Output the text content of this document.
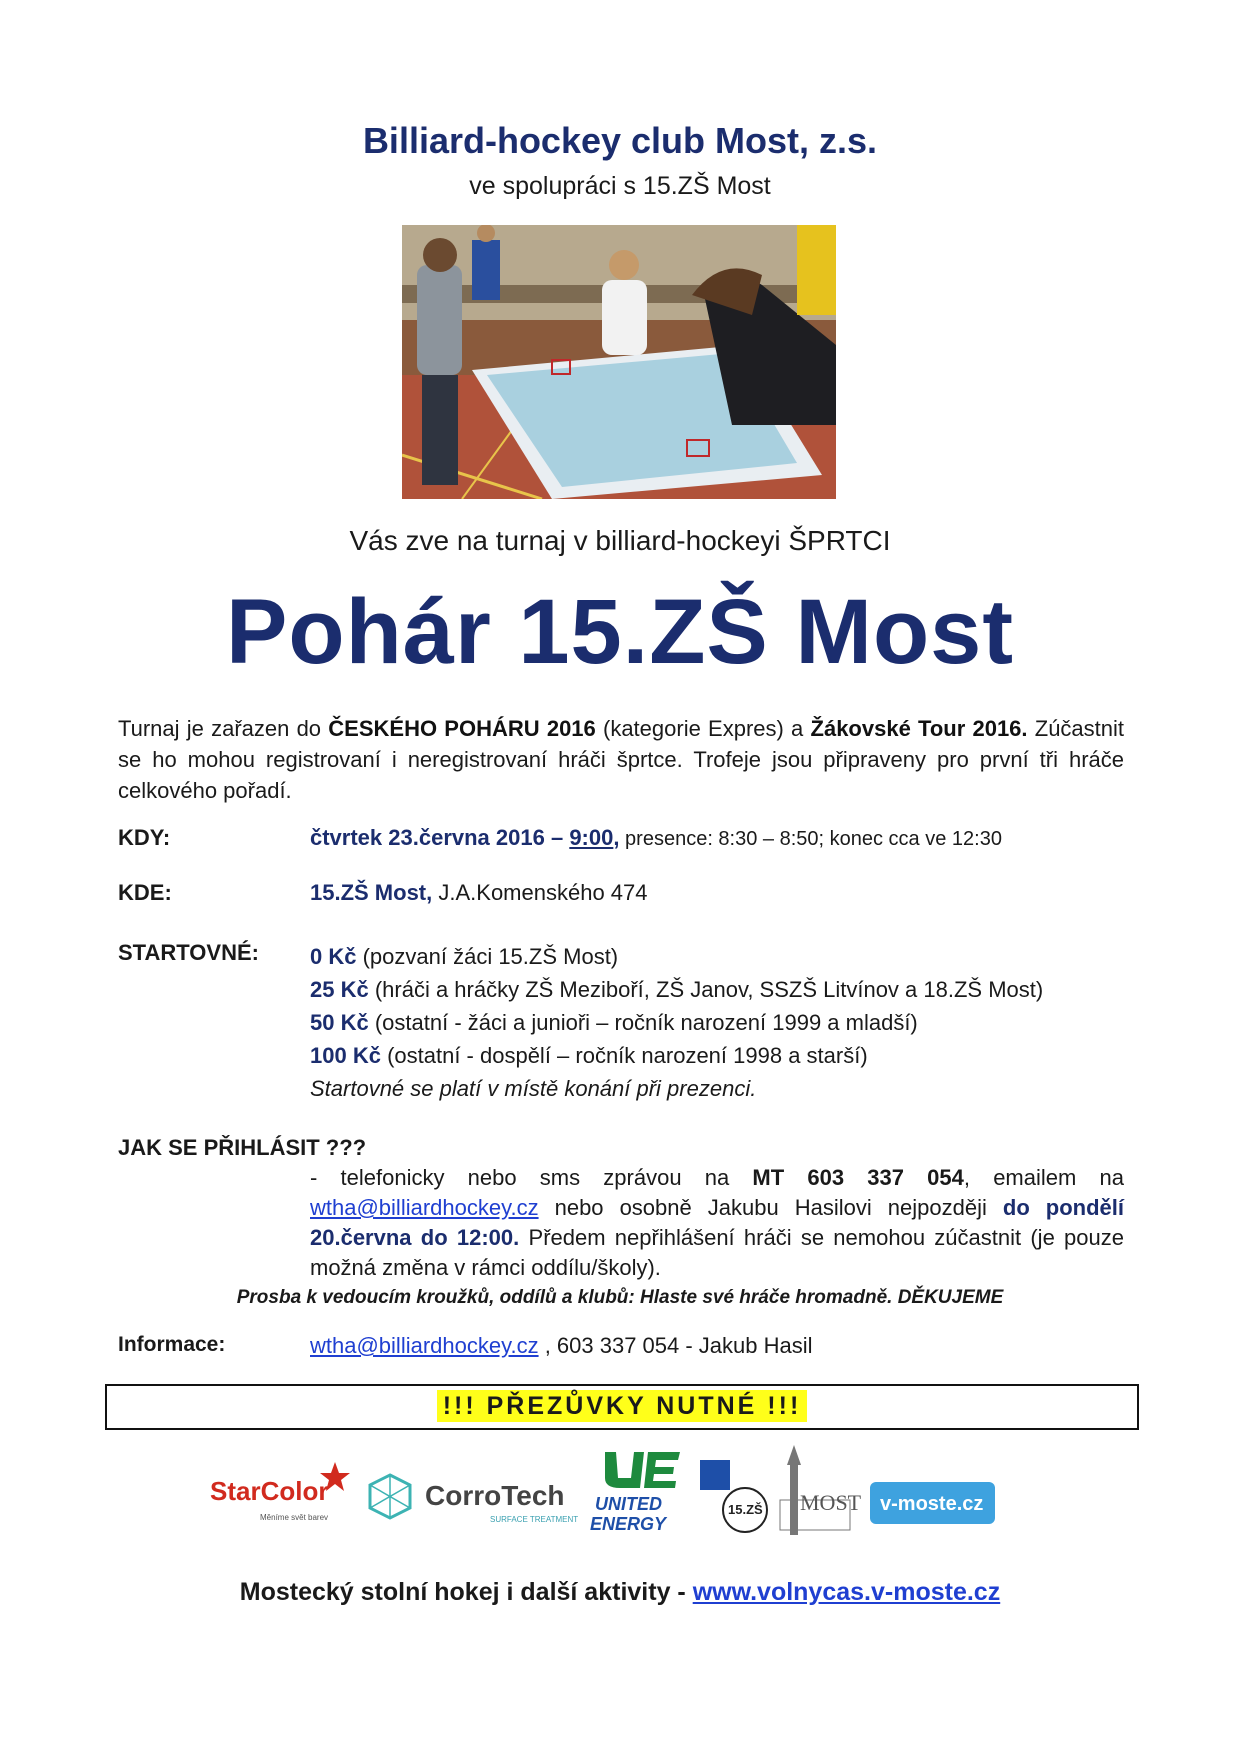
Billiard-hockey club Most, z.s.
ve spolupráci s 15.ZŠ Most
Vás zve na turnaj v billiard-hockeyi ŠPRTCI
Pohár 15.ZŠ Most
Turnaj je zařazen do ČESKÉHO POHÁRU 2016 (kategorie Expres) a Žákovské Tour 2016. Zúčastnit se ho mohou registrovaní i neregistrovaní hráči šprtce. Trofeje jsou připraveny pro první tři hráče celkového pořadí.
KDY:	čtvrtek 23.června 2016 – 9:00, presence: 8:30 – 8:50; konec cca ve 12:30
KDE:	15.ZŠ Most, J.A.Komenského 474
STARTOVNÉ: 0 Kč (pozvaní žáci 15.ZŠ Most)
25 Kč (hráči a hráčky ZŠ Meziboří, ZŠ Janov, SSZŠ Litvínov a 18.ZŠ Most)
50 Kč (ostatní - žáci a junioři – ročník narození 1999 a mladší)
100 Kč (ostatní - dospělí – ročník narození 1998 a starší)
Startovné se platí v místě konání při prezenci.
JAK SE PŘIHLÁSIT ???
- telefonicky nebo sms zprávou na MT 603 337 054, emailem na wtha@billiardhockey.cz nebo osobně Jakubu Hasilovi nejpozději do pondělí 20.června do 12:00. Předem nepřihlášení hráči se nemohou zúčastnit (je pouze možná změna v rámci oddílu/školy).
Prosba k vedoucím kroužků, oddílů a klubů: Hlaste své hráče hromadně. DĚKUJEME
Informace:	wtha@billiardhockey.cz , 603 337 054 - Jakub Hasil
!!! PŘEZŮVKY NUTNÉ !!!
StarColor
Měníme svět barev
CorroTech
SURFACE TREATMENT
UNITED
ENERGY
15.ZŠ MOST v-moste.cz
Mostecký stolní hokej i další aktivity - www.volnycas.v-moste.cz
